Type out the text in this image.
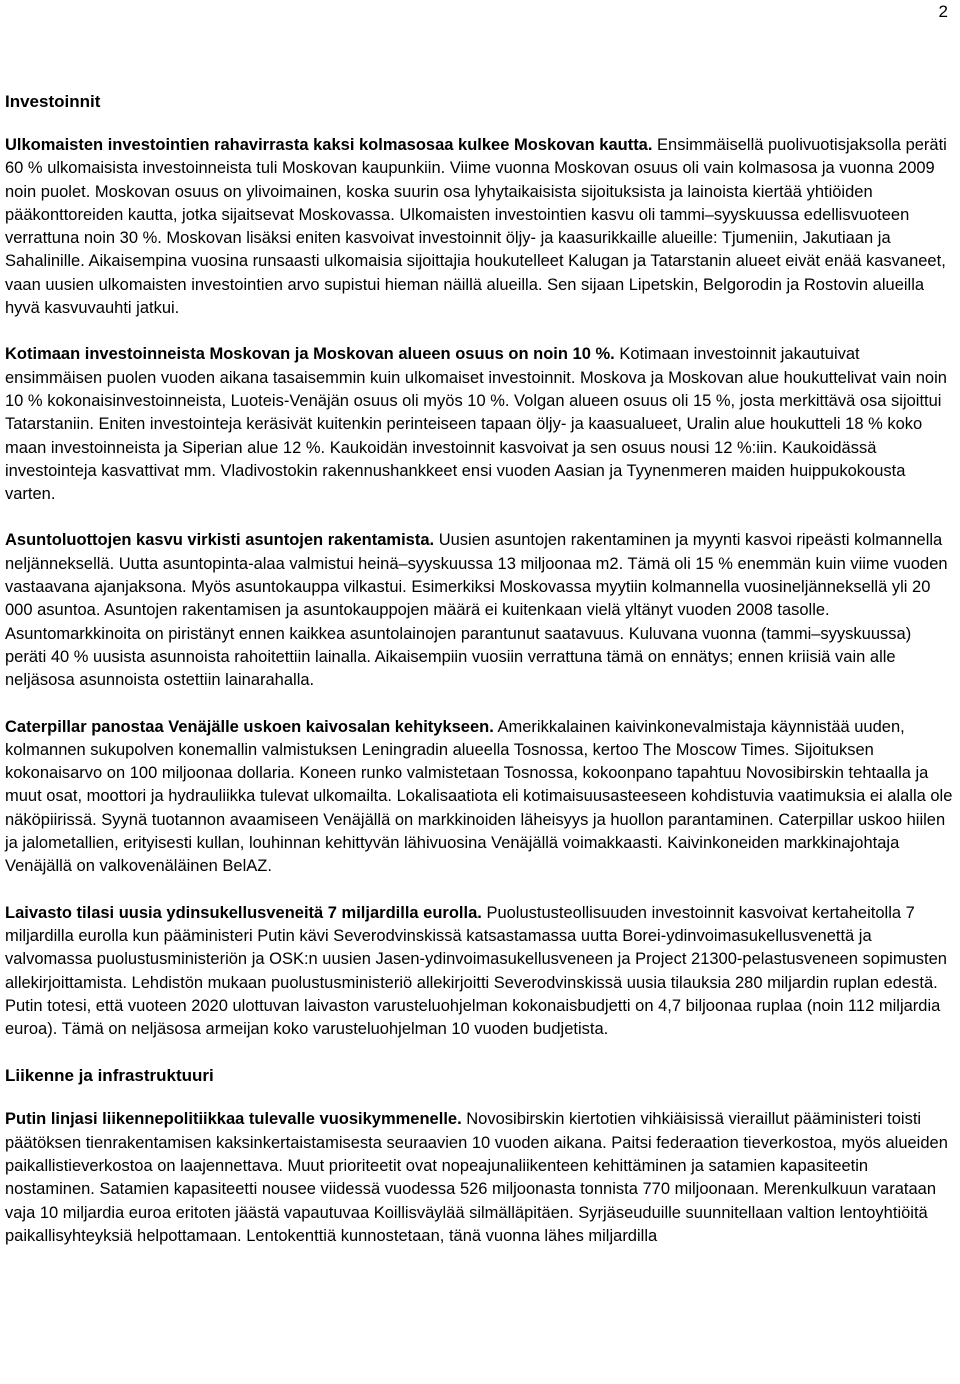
2
Investoinnit

Ulkomaisten investointien rahavirrasta kaksi kolmasosaa kulkee Moskovan kautta. Ensimmäisellä puolivuotisjaksolla peräti 60 % ulkomaisista investoinneista tuli Moskovan kaupunkiin. Viime vuonna Moskovan osuus oli vain kolmasosa ja vuonna 2009 noin puolet. Moskovan osuus on ylivoimainen, koska suurin osa lyhytaikaisista sijoituksista ja lainoista kiertää yhtiöiden pääkonttoreiden kautta, jotka sijaitsevat Moskovassa. Ulkomaisten investointien kasvu oli tammi–syyskuussa edellisvuoteen verrattuna noin 30 %. Moskovan lisäksi eniten kasvoivat investoinnit öljy- ja kaasurikkaille alueille: Tjumeniin, Jakutiaan ja Sahalinille. Aikaisempina vuosina runsaasti ulkomaisia sijoittajia houkutelleet Kalugan ja Tatarstanin alueet eivät enää kasvaneet, vaan uusien ulkomaisten investointien arvo supistui hieman näillä alueilla. Sen sijaan Lipetskin, Belgorodin ja Rostovin alueilla hyvä kasvuvauhti jatkui.

Kotimaan investoinneista Moskovan ja Moskovan alueen osuus on noin 10 %. Kotimaan investoinnit jakautuivat ensimmäisen puolen vuoden aikana tasaisemmin kuin ulkomaiset investoinnit. Moskova ja Moskovan alue houkuttelivat vain noin 10 % kokonaisinvestoinneista, Luoteis-Venäjän osuus oli myös 10 %. Volgan alueen osuus oli 15 %, josta merkittävä osa sijoittui Tatarstaniin. Eniten investointeja keräsivät kuitenkin perinteiseen tapaan öljy- ja kaasualueet, Uralin alue houkutteli 18 % koko maan investoinneista ja Siperian alue 12 %. Kaukoidän investoinnit kasvoivat ja sen osuus nousi 12 %:iin. Kaukoidässä investointeja kasvattivat mm. Vladivostokin rakennushankkeet ensi vuoden Aasian ja Tyynenmeren maiden huippukokousta varten.

Asuntoluottojen kasvu virkisti asuntojen rakentamista. Uusien asuntojen rakentaminen ja myynti kasvoi ripeästi kolmannella neljänneksellä. Uutta asuntopinta-alaa valmistui heinä–syyskuussa 13 miljoonaa m2. Tämä oli 15 % enemmän kuin viime vuoden vastaavana ajanjaksona. Myös asuntokauppa vilkastui. Esimerkiksi Moskovassa myytiin kolmannella vuosineljänneksellä yli 20 000 asuntoa. Asuntojen rakentamisen ja asuntokauppojen määrä ei kuitenkaan vielä yltänyt vuoden 2008 tasolle. Asuntomarkkinoita on piristänyt ennen kaikkea asuntolainojen parantunut saatavuus. Kuluvana vuonna (tammi–syyskuussa) peräti 40 % uusista asunnoista rahoitettiin lainalla. Aikaisempiin vuosiin verrattuna tämä on ennätys; ennen kriisiä vain alle neljäsosa asunnoista ostettiin lainarahalla.

Caterpillar panostaa Venäjälle uskoen kaivosalan kehitykseen. Amerikkalainen kaivinkonevalmistaja käynnistää uuden, kolmannen sukupolven konemallin valmistuksen Leningradin alueella Tosnossa, kertoo The Moscow Times. Sijoituksen kokonaisarvo on 100 miljoonaa dollaria. Koneen runko valmistetaan Tosnossa, kokoonpano tapahtuu Novosibirskin tehtaalla ja muut osat, moottori ja hydrauliikka tulevat ulkomailta. Lokalisaatiota eli kotimaisuusasteeseen kohdistuvia vaatimuksia ei alalla ole näköpiirissä. Syynä tuotannon avaamiseen Venäjällä on markkinoiden läheisyys ja huollon parantaminen. Caterpillar uskoo hiilen ja jalometallien, erityisesti kullan, louhinnan kehittyvän lähivuosina Venäjällä voimakkaasti. Kaivinkoneiden markkinajohtaja Venäjällä on valkovenäläinen BelAZ.

Laivasto tilasi uusia ydinsukellusveneitä 7 miljardilla eurolla. Puolustusteollisuuden investoinnit kasvoivat kertaheitolla 7 miljardilla eurolla kun pääministeri Putin kävi Severodvinskissä katsastamassa uutta Borei-ydinvoimasukellusvenettä ja valvomassa puolustusministeriön ja OSK:n uusien Jasen-ydinvoimasukellusveneen ja Project 21300-pelastusveneen sopimusten allekirjoittamista. Lehdistön mukaan puolustusministeriö allekirjoitti Severodvinskissä uusia tilauksia 280 miljardin ruplan edestä. Putin totesi, että vuoteen 2020 ulottuvan laivaston varusteluohjelman kokonaisbudjetti on 4,7 biljoonaa ruplaa (noin 112 miljardia euroa). Tämä on neljäsosa armeijan koko varusteluohjelman 10 vuoden budjetista.

Liikenne ja infrastruktuuri

Putin linjasi liikennepolitiikkaa tulevalle vuosikymmenelle. Novosibirskin kiertotien vihkiäisissä vieraillut pääministeri toisti päätöksen tienrakentamisen kaksinkertaistamisesta seuraavien 10 vuoden aikana. Paitsi federaation tieverkostoa, myös alueiden paikallistieverkostoa on laajennettava. Muut prioriteetit ovat nopeajunaliikenteen kehittäminen ja satamien kapasiteetin nostaminen. Satamien kapasiteetti nousee viidessä vuodessa 526 miljoonasta tonnista 770 miljoonaan. Merenkulkuun varataan vaja 10 miljardia euroa eritoten jäästä vapautuvaa Koillisväylää silmälläpitäen. Syrjäseuduille suunnitellaan valtion lentoyhtiöitä paikallisyhteyksiä helpottamaan. Lentokenttiä kunnostetaan, tänä vuonna lähes miljardilla
